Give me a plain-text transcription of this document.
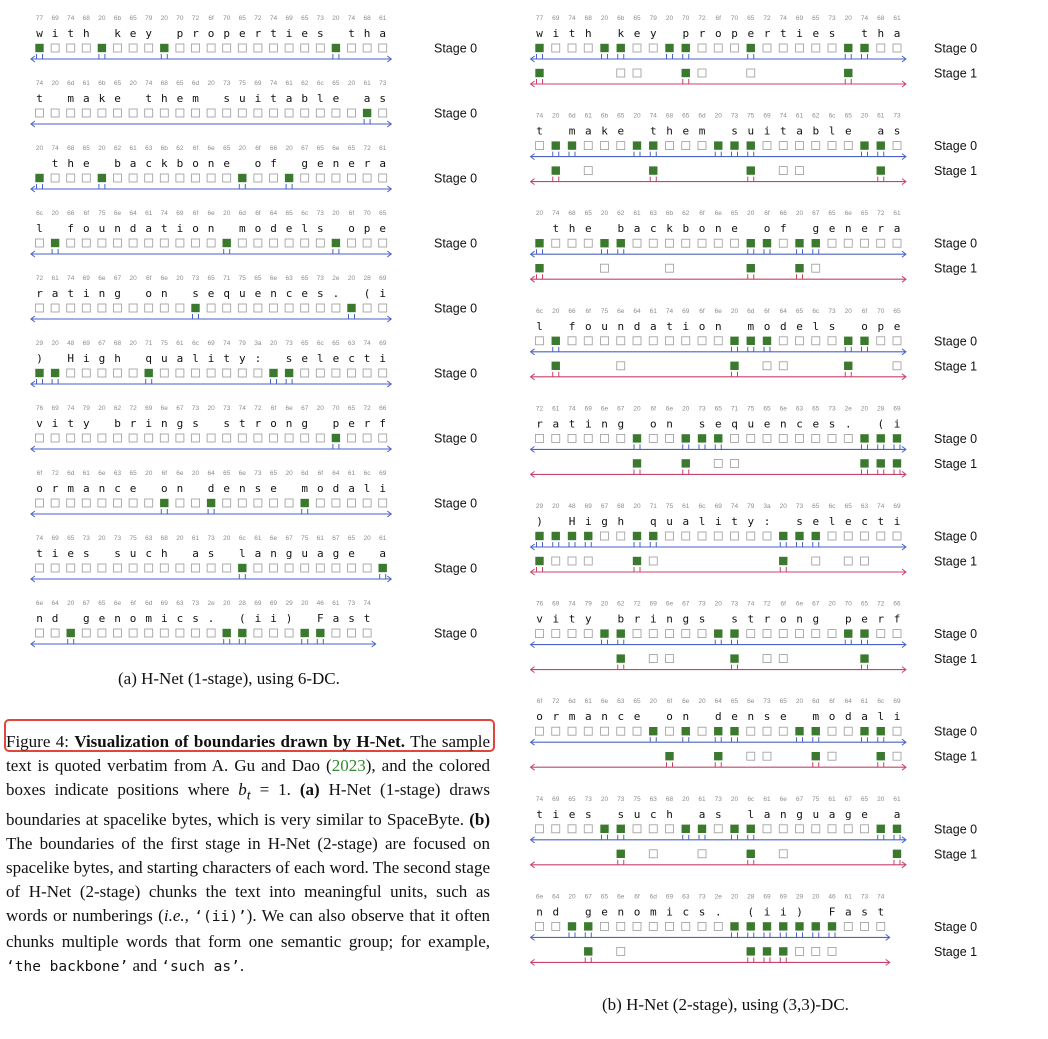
77
w
69
i
74
t
68
h
20
6b
k
65
e
79
y
20
70
p
72
r
6f
o
70
p
65
e
72
r
74
t
69
i
65
e
73
s
20
74
t
68
h
61
a
Stage 0
74
t
20
6d
m
61
a
6b
k
65
e
20
74
t
68
h
65
e
6d
m
20
73
s
75
u
69
i
74
t
61
a
62
b
6c
l
65
e
20
61
a
73
s
Stage 0
20
74
t
68
h
65
e
20
62
b
61
a
63
c
6b
k
62
b
6f
o
6e
n
65
e
20
6f
o
66
f
20
67
g
65
e
6e
n
65
e
72
r
61
a
Stage 0
6c
l
20
66
f
6f
o
75
u
6e
n
64
d
61
a
74
t
69
i
6f
o
6e
n
20
6d
m
6f
o
64
d
65
e
6c
l
73
s
20
6f
o
70
p
65
e
Stage 0
72
r
61
a
74
t
69
i
6e
n
67
g
20
6f
o
6e
n
20
73
s
65
e
71
q
75
u
65
e
6e
n
63
c
65
e
73
s
2e
.
20
28
(
69
i
Stage 0
29
)
20
48
H
69
i
67
g
68
h
20
71
q
75
u
61
a
6c
l
69
i
74
t
79
y
3a
:
20
73
s
65
e
6c
l
65
e
63
c
74
t
69
i
Stage 0
76
v
69
i
74
t
79
y
20
62
b
72
r
69
i
6e
n
67
g
73
s
20
73
s
74
t
72
r
6f
o
6e
n
67
g
20
70
p
65
e
72
r
66
f
Stage 0
6f
o
72
r
6d
m
61
a
6e
n
63
c
65
e
20
6f
o
6e
n
20
64
d
65
e
6e
n
73
s
65
e
20
6d
m
6f
o
64
d
61
a
6c
l
69
i
Stage 0
74
t
69
i
65
e
73
s
20
73
s
75
u
63
c
68
h
20
61
a
73
s
20
6c
l
61
a
6e
n
67
g
75
u
61
a
67
g
65
e
20
61
a
Stage 0
6e
n
64
d
20
67
g
65
e
6e
n
6f
o
6d
m
69
i
63
c
73
s
2e
.
20
28
(
69
i
69
i
29
)
20
46
F
61
a
73
s
74
t
Stage 0
77
w
69
i
74
t
68
h
20
6b
k
65
e
79
y
20
70
p
72
r
6f
o
70
p
65
e
72
r
74
t
69
i
65
e
73
s
20
74
t
68
h
61
a
Stage 0
Stage 1
74
t
20
6d
m
61
a
6b
k
65
e
20
74
t
68
h
65
e
6d
m
20
73
s
75
u
69
i
74
t
61
a
62
b
6c
l
65
e
20
61
a
73
s
Stage 0
Stage 1
20
74
t
68
h
65
e
20
62
b
61
a
63
c
6b
k
62
b
6f
o
6e
n
65
e
20
6f
o
66
f
20
67
g
65
e
6e
n
65
e
72
r
61
a
Stage 0
Stage 1
6c
l
20
66
f
6f
o
75
u
6e
n
64
d
61
a
74
t
69
i
6f
o
6e
n
20
6d
m
6f
o
64
d
65
e
6c
l
73
s
20
6f
o
70
p
65
e
Stage 0
Stage 1
72
r
61
a
74
t
69
i
6e
n
67
g
20
6f
o
6e
n
20
73
s
65
e
71
q
75
u
65
e
6e
n
63
c
65
e
73
s
2e
.
20
28
(
69
i
Stage 0
Stage 1
29
)
20
48
H
69
i
67
g
68
h
20
71
q
75
u
61
a
6c
l
69
i
74
t
79
y
3a
:
20
73
s
65
e
6c
l
65
e
63
c
74
t
69
i
Stage 0
Stage 1
76
v
69
i
74
t
79
y
20
62
b
72
r
69
i
6e
n
67
g
73
s
20
73
s
74
t
72
r
6f
o
6e
n
67
g
20
70
p
65
e
72
r
66
f
Stage 0
Stage 1
6f
o
72
r
6d
m
61
a
6e
n
63
c
65
e
20
6f
o
6e
n
20
64
d
65
e
6e
n
73
s
65
e
20
6d
m
6f
o
64
d
61
a
6c
l
69
i
Stage 0
Stage 1
74
t
69
i
65
e
73
s
20
73
s
75
u
63
c
68
h
20
61
a
73
s
20
6c
l
61
a
6e
n
67
g
75
u
61
a
67
g
65
e
20
61
a
Stage 0
Stage 1
6e
n
64
d
20
67
g
65
e
6e
n
6f
o
6d
m
69
i
63
c
73
s
2e
.
20
28
(
69
i
69
i
29
)
20
46
F
61
a
73
s
74
t
Stage 0
Stage 1
(a) H-Net (1-stage), using 6-DC.
(b) H-Net (2-stage), using (3,3)-DC.
Figure 4: Visualization of boundaries drawn by H-Net. The sample text is quoted verbatim from A. Gu and Dao (2023), and the colored boxes indicate positions where $b_t = 1$. (a) H-Net (1-stage) draws boundaries at spacelike bytes, which is very similar to SpaceByte. (b) The boundaries of the first stage in H-Net (2-stage) are focused on spacelike bytes, and starting characters of each word. The second stage of H-Net (2-stage) chunks the text into meaningful units, such as words or numberings (i.e., ‘(ii)’). We can also observe that it often chunks multiple words that form one semantic group; for example, ‘the backbone’ and ‘such as’.
